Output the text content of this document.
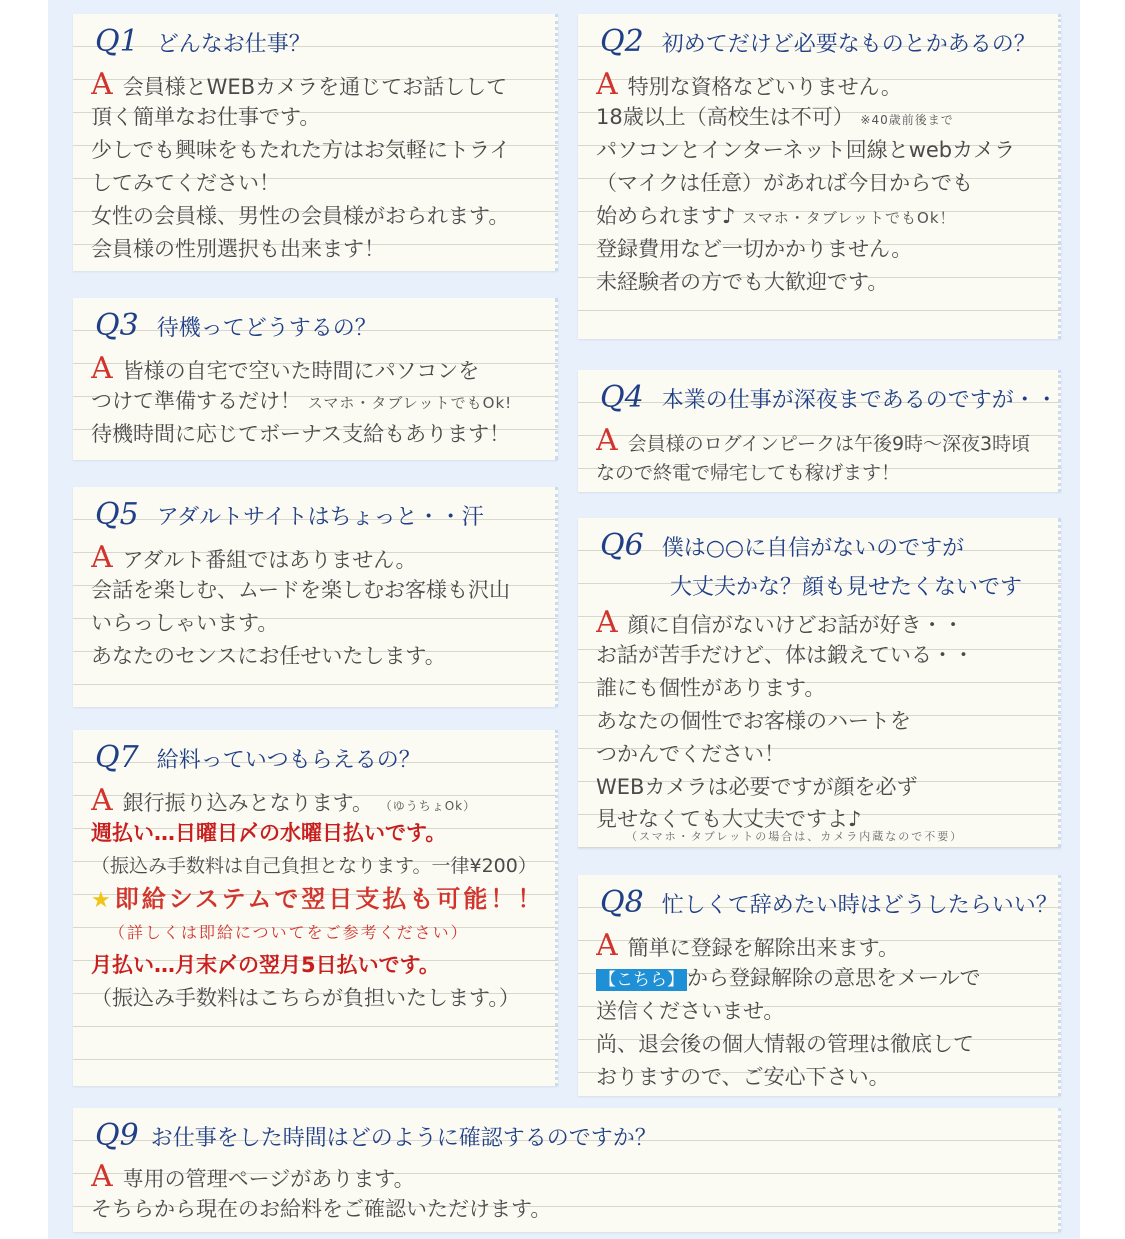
Q1 どんなお仕事？
A 会員様とWEBカメラを通じてお話しして
頂く簡単なお仕事です。
少しでも興味をもたれた方はお気軽にトライ
してみてください！
女性の会員様、男性の会員様がおられます。
会員様の性別選択も出来ます！
Q2 初めてだけど必要なものとかあるの？
A 特別な資格などいりません。
18歳以上（高校生は不可） ※40歳前後まで
パソコンとインターネット回線とwebカメラ
（マイクは任意）があれば今日からでも
始められます♪ スマホ・タブレットでもOk！
登録費用など一切かかりません。
未経験者の方でも大歓迎です。
Q3 待機ってどうするの？
A 皆様の自宅で空いた時間にパソコンを
つけて準備するだけ！ スマホ・タブレットでもOk!
待機時間に応じてボーナス支給もあります！
Q4 本業の仕事が深夜まであるのですが・・
A会員様のログインピークは午後9時～深夜3時頃
なので終電で帰宅しても稼げます！
Q5 アダルトサイトはちょっと・・汗
A アダルト番組ではありません。
会話を楽しむ、ムードを楽しむお客様も沢山
いらっしゃいます。
あなたのセンスにお任せいたします。
Q6 僕は○○に自信がないのですが
大丈夫かな？顔も見せたくないです
A 顔に自信がないけどお話が好き・・
お話が苦手だけど、体は鍛えている・・
誰にも個性があります。
あなたの個性でお客様のハートを
つかんでください！
WEBカメラは必要ですが顔を必ず
見せなくても大丈夫ですよ♪
（スマホ・タブレットの場合は、カメラ内蔵なので不要）
Q7 給料っていつもらえるの？
A 銀行振り込みとなります。 （ゆうちょOk）
週払い…日曜日〆の水曜日払いです。
（振込み手数料は自己負担となります。一律¥200）
★ 即給システムで翌日支払も可能！！
（詳しくは即給についてをご参考ください）
月払い…月末〆の翌月5日払いです。
（振込み手数料はこちらが負担いたします。）
Q8 忙しくて辞めたい時はどうしたらいい？
A 簡単に登録を解除出来ます。
【こちら】 から登録解除の意思をメールで
送信くださいませ。
尚、退会後の個人情報の管理は徹底して
おりますので、ご安心下さい。
Q9 お仕事をした時間はどのように確認するのですか？
A 専用の管理ページがあります。
そちらから現在のお給料をご確認いただけます。
